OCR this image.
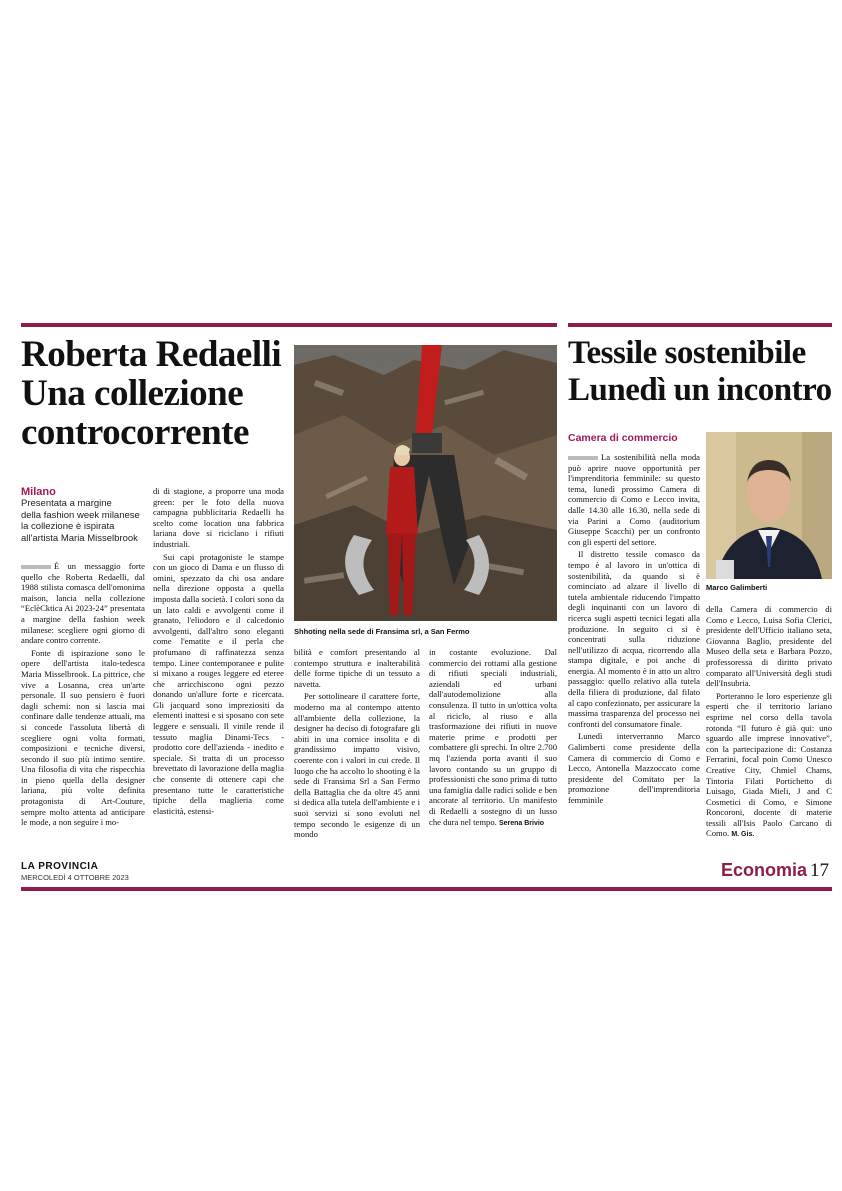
Roberta Redaelli
Una collezione
controcorrente
Milano
Presentata a margine
della fashion week milanese
la collezione è ispirata
all'artista Maria Misselbrook
Shhoting nella sede di Fransima srl, a San Fermo

È un messaggio forte quello che Roberta Redaelli, dal 1988 stilista comasca dell'omonima maison, lancia nella collezione “EclèCktica Ai 2023-24” presentata a margine della fashion week milanese: scegliere ogni giorno di andare contro corrente.

Fonte di ispirazione sono le opere dell'artista italo-tedesca Maria Misselbrook. La pittrice, che vive a Losanna, crea un'arte personale. Il suo pensiero è fuori dagli schemi: non si lascia mai confinare dalle tendenze attuali, ma si concede l'assoluta libertà di scegliere ogni volta formati, composizioni e tecniche diversi, secondo il suo più intimo sentire. Una filosofia di vita che rispecchia in pieno quella della designer lariana, più volte definita protagonista di Art-Couture, sempre molto attenta ad anticipare le mode, a non seguire i mo-

di di stagione, a proporre una moda green: per le foto della nuova campagna pubblicitaria Redaelli ha scelto come location una fabbrica lariana dove si riciclano i rifiuti industriali.

Sui capi protagoniste le stampe con un gioco di Dama e un flusso di omini, spezzato da chi osa andare nella direzione opposta a quella imposta dalla società. I colori sono da un lato caldi e avvolgenti come il granato, l'eliodoro e il calcedonio avvolgenti, dall'altro sono eleganti come l'ematite e il perla che profumano di raffinatezza senza tempo. Linee contemporanee e pulite si mixano a rouges leggere ed eteree che arricchiscono ogni pezzo donando un'allure forte e ricercata. Gli jacquard sono impreziositi da elementi inattesi e si sposano con sete leggere e sensuali. Il vinile rende il tessuto maglia Dinami-Tecs - prodotto core dell'azienda - inedito e speciale. Si tratta di un processo brevettato di lavorazione della maglia che consente di ottenere capi che presentano tutte le caratteristiche tipiche della maglieria come elasticità, estensi-

bilità e comfort presentando al contempo struttura e inalterabilità delle forme tipiche di un tessuto a navetta.

Per sottolineare il carattere forte, moderno ma al contempo attento all'ambiente della collezione, la designer ha deciso di fotografare gli abiti in una cornice insolita e di grandissimo impatto visivo, coerente con i valori in cui crede. Il luogo che ha accolto lo shooting è la sede di Fransima Srl a San Fermo della Battaglia che da oltre 45 anni si dedica alla tutela dell'ambiente e i suoi servizi si sono evoluti nel tempo secondo le esigenze di un mondo

in costante evoluzione. Dal commercio dei rottami alla gestione di rifiuti speciali industriali, aziendali ed urbani dall'autodemolizione alla consulenza. Il tutto in un'ottica volta al riciclo, al riuso e alla trasformazione dei rifiuti in nuove materie prime e prodotti per combattere gli sprechi. In oltre 2.700 mq l'azienda porta avanti il suo lavoro contando su un gruppo di professionisti che sono prima di tutto una famiglia dalle radici solide e ben ancorate al territorio. Un manifesto di Redaelli a sostegno di un lusso che dura nel tempo. Serena Brivio

Tessile sostenibile
Lunedì un incontro
Camera di commercio
Marco Galimberti

La sostenibilità nella moda può aprire nuove opportunità per l'imprenditoria femminile: su questo tema, lunedì prossimo Camera di commercio di Como e Lecco invita, dalle 14.30 alle 16.30, nella sede di via Parini a Como (auditorium Giuseppe Scacchi) per un confronto con gli esperti del settore.

Il distretto tessile comasco da tempo è al lavoro in un'ottica di sostenibilità, da quando si è cominciato ad alzare il livello di tutela ambientale riducendo l'impatto degli inquinanti con un lavoro di ricerca sugli aspetti tecnici legati alla produzione. In seguito ci si è concentrati sulla riduzione nell'utilizzo di acqua, ricorrendo alla stampa digitale, e poi anche di energia. Al momento è in atto un altro passaggio: quello relativo alla tutela della filiera di produzione, dal filato al capo confezionato, per assicurare la massima trasparenza del processo nei confronti del consumatore finale.

Lunedì interverranno Marco Galimberti come presidente della Camera di commercio di Como e Lecco, Antonella Mazzoccato come presidente del Comitato per la promozione dell'imprenditoria femminile

della Camera di commercio di Como e Lecco, Luisa Sofia Clerici, presidente dell'Ufficio italiano seta, Giovanna Baglio, presidente del Museo della seta e Barbara Pozzo, professoressa di diritto privato comparato all'Università degli studi dell'Insubria.

Porteranno le loro esperienze gli esperti che il territorio lariano esprime nel corso della tavola rotonda “Il futuro è già qui: uno sguardo alle imprese innovative”, con la partecipazione di: Costanza Ferrarini, focal poin Como Unesco Creative City, Chmiel Chams, Tintoria Filati Portichetto di Luisago, Giada Mieli, J and C Cosmetici di Como, e Simone Roncoroni, docente di materie tessili all'Isis Paolo Carcano di Como. M. Gis.

LA PROVINCIA
MERCOLEDÌ 4 OTTOBRE 2023	Economia 17
